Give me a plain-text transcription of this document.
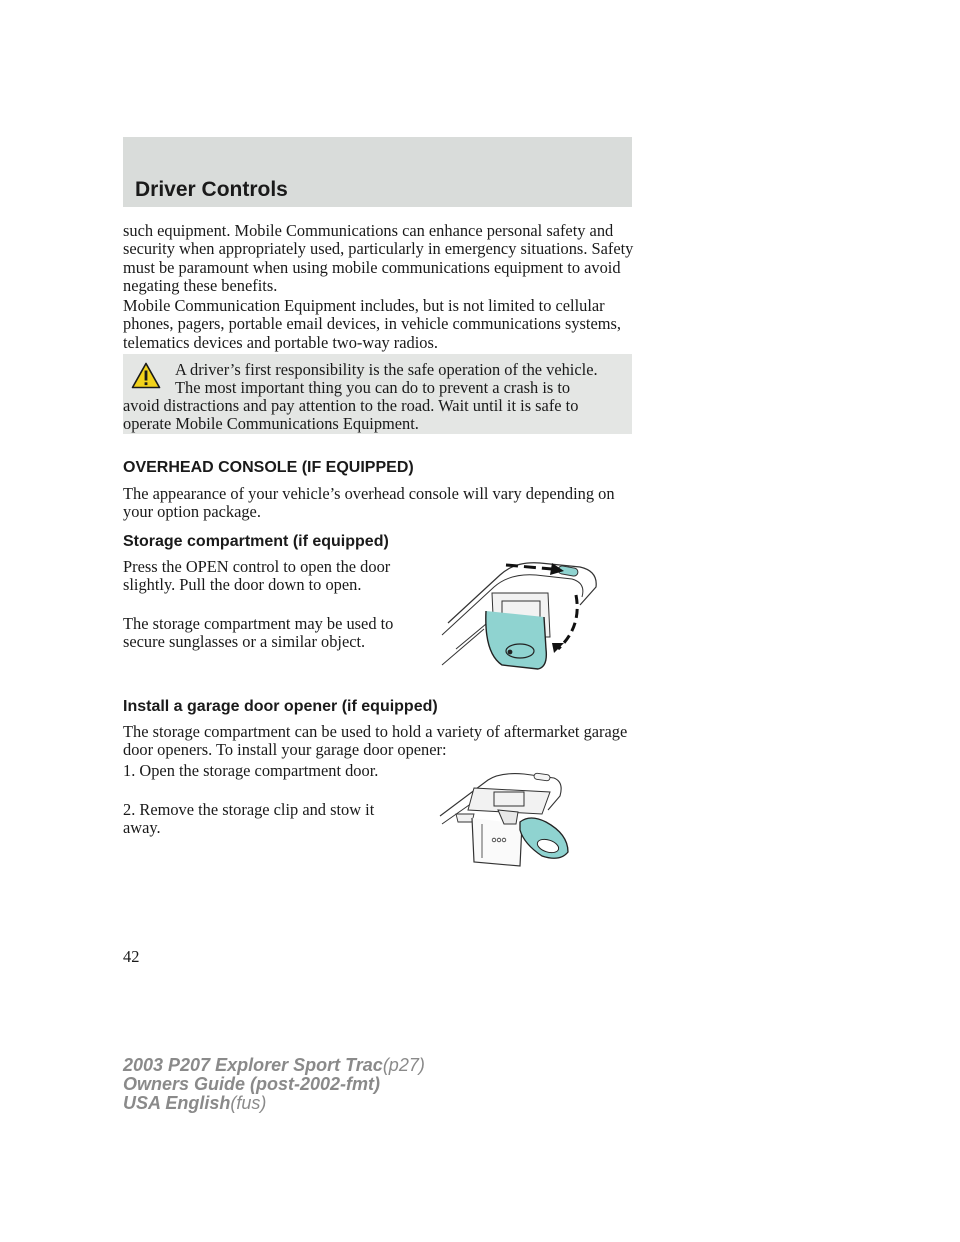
Driver Controls

such equipment. Mobile Communications can enhance personal safety and security when appropriately used, particularly in emergency situations. Safety must be paramount when using mobile communications equipment to avoid negating these benefits.

Mobile Communication Equipment includes, but is not limited to cellular phones, pagers, portable email devices, in vehicle communications systems, telematics devices and portable two-way radios.

A driver’s first responsibility is the safe operation of the vehicle.

The most important thing you can do to prevent a crash is to

avoid distractions and pay attention to the road. Wait until it is safe to

operate Mobile Communications Equipment.

OVERHEAD CONSOLE (IF EQUIPPED)

The appearance of your vehicle’s overhead console will vary depending on your option package.

Storage compartment (if equipped)

Press the OPEN control to open the door slightly. Pull the door down to open.

The storage compartment may be used to secure sunglasses or a similar object.

Install a garage door opener (if equipped)

The storage compartment can be used to hold a variety of aftermarket garage door openers. To install your garage door opener:

1. Open the storage compartment door.

2. Remove the storage clip and stow it away.

42
2003 P207 Explorer Sport Trac(p27)
Owners Guide (post-2002-fmt)
USA English(fus)
